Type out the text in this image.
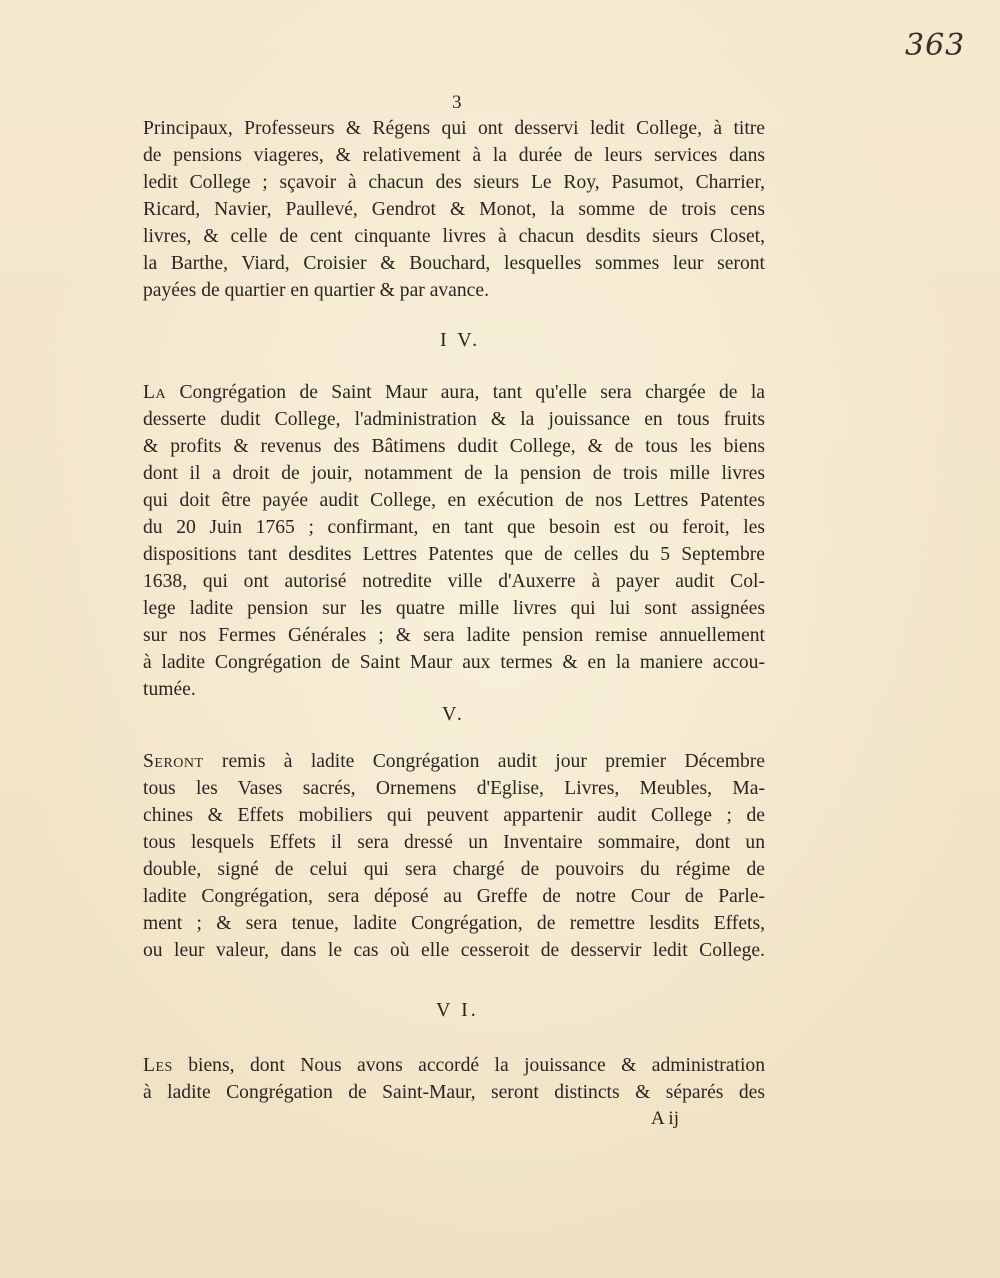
363
3
Principaux, Professeurs & Régens qui ont desservi ledit College, à titre
de pensions viageres, & relativement à la durée de leurs services dans
ledit College ; sçavoir à chacun des sieurs Le Roy, Pasumot, Charrier,
Ricard, Navier, Paullevé, Gendrot & Monot, la somme de trois cens
livres, & celle de cent cinquante livres à chacun desdits sieurs Closet,
la Barthe, Viard, Croisier & Bouchard, lesquelles sommes leur seront
payées de quartier en quartier & par avance.
I V.
La Congrégation de Saint Maur aura, tant qu'elle sera chargée de la
desserte dudit College, l'administration & la jouissance en tous fruits
& profits & revenus des Bâtimens dudit College, & de tous les biens
dont il a droit de jouir, notamment de la pension de trois mille livres
qui doit être payée audit College, en exécution de nos Lettres Patentes
du 20 Juin 1765 ; confirmant, en tant que besoin est ou feroit, les
dispositions tant desdites Lettres Patentes que de celles du 5 Septembre
1638, qui ont autorisé notredite ville d'Auxerre à payer audit Col-
lege ladite pension sur les quatre mille livres qui lui sont assignées
sur nos Fermes Générales ; & sera ladite pension remise annuellement
à ladite Congrégation de Saint Maur aux termes & en la maniere accou-
tumée.
V.
Seront remis à ladite Congrégation audit jour premier Décembre
tous les Vases sacrés, Ornemens d'Eglise, Livres, Meubles, Ma-
chines & Effets mobiliers qui peuvent appartenir audit College ; de
tous lesquels Effets il sera dressé un Inventaire sommaire, dont un
double, signé de celui qui sera chargé de pouvoirs du régime de
ladite Congrégation, sera déposé au Greffe de notre Cour de Parle-
ment ; & sera tenue, ladite Congrégation, de remettre lesdits Effets,
ou leur valeur, dans le cas où elle cesseroit de desservir ledit College.
V I.
Les biens, dont Nous avons accordé la jouissance & administration
à ladite Congrégation de Saint-Maur, seront distincts & séparés des
A ij
